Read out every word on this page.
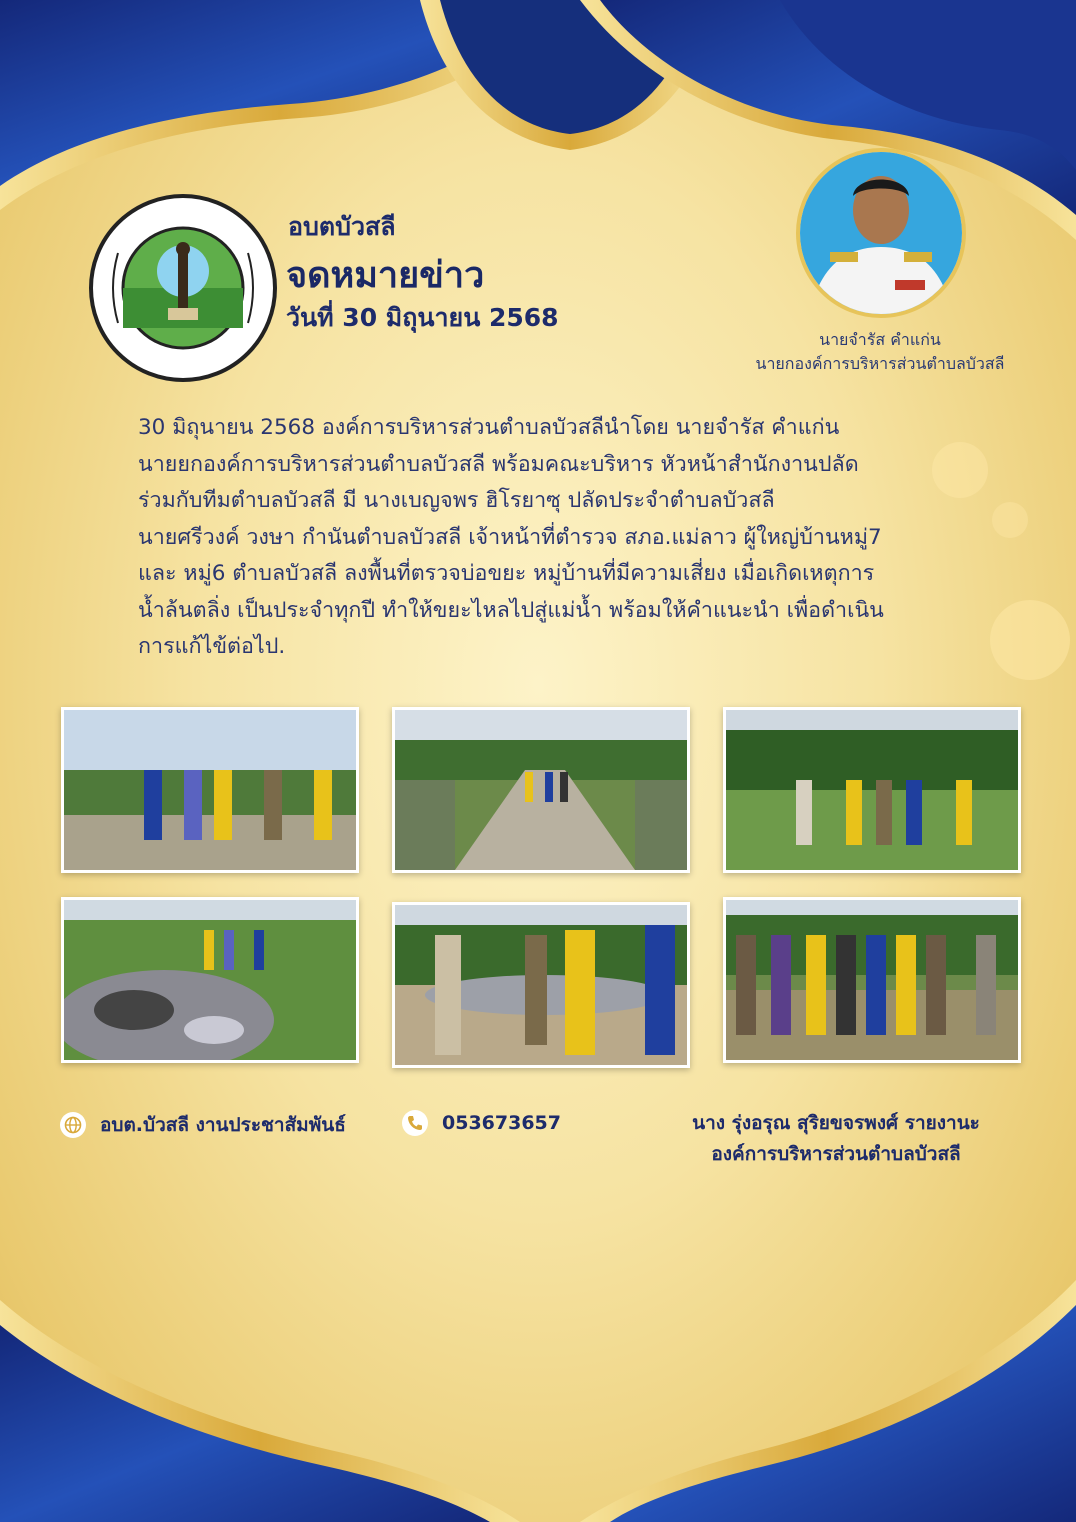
อบตบัวสลี
จดหมายข่าว
วันที่ 30 มิถุนายน 2568
นายจำรัส คำแก่น
นายกองค์การบริหารส่วนตำบลบัวสลี
30 มิถุนายน 2568 องค์การบริหารส่วนตำบลบัวสลีนำโดย นายจำรัส คำแก่น
นายยกองค์การบริหารส่วนตำบลบัวสลี พร้อมคณะบริหาร หัวหน้าสำนักงานปลัด
ร่วมกับทีมตำบลบัวสลี มี นางเบญจพร ฮิโรยาซุ ปลัดประจำตำบลบัวสลี
นายศรีวงค์ วงษา กำนันตำบลบัวสลี เจ้าหน้าที่ตำรวจ สภอ.แม่ลาว ผู้ใหญ่บ้านหมู่7
และ หมู่6 ตำบลบัวสลี ลงพื้นที่ตรวจบ่อขยะ หมู่บ้านที่มีความเสี่ยง เมื่อเกิดเหตุการ
น้ำล้นตลิ่ง เป็นประจำทุกปี ทำให้ขยะไหลไปสู่แม่น้ำ พร้อมให้คำแนะนำ เพื่อดำเนิน
การแก้ไข้ต่อไป.
อบต.บัวสลี งานประชาสัมพันธ์	053673657	นาง รุ่งอรุณ สุริยขจรพงศ์ รายงานะ
องค์การบริหารส่วนตำบลบัวสลี
